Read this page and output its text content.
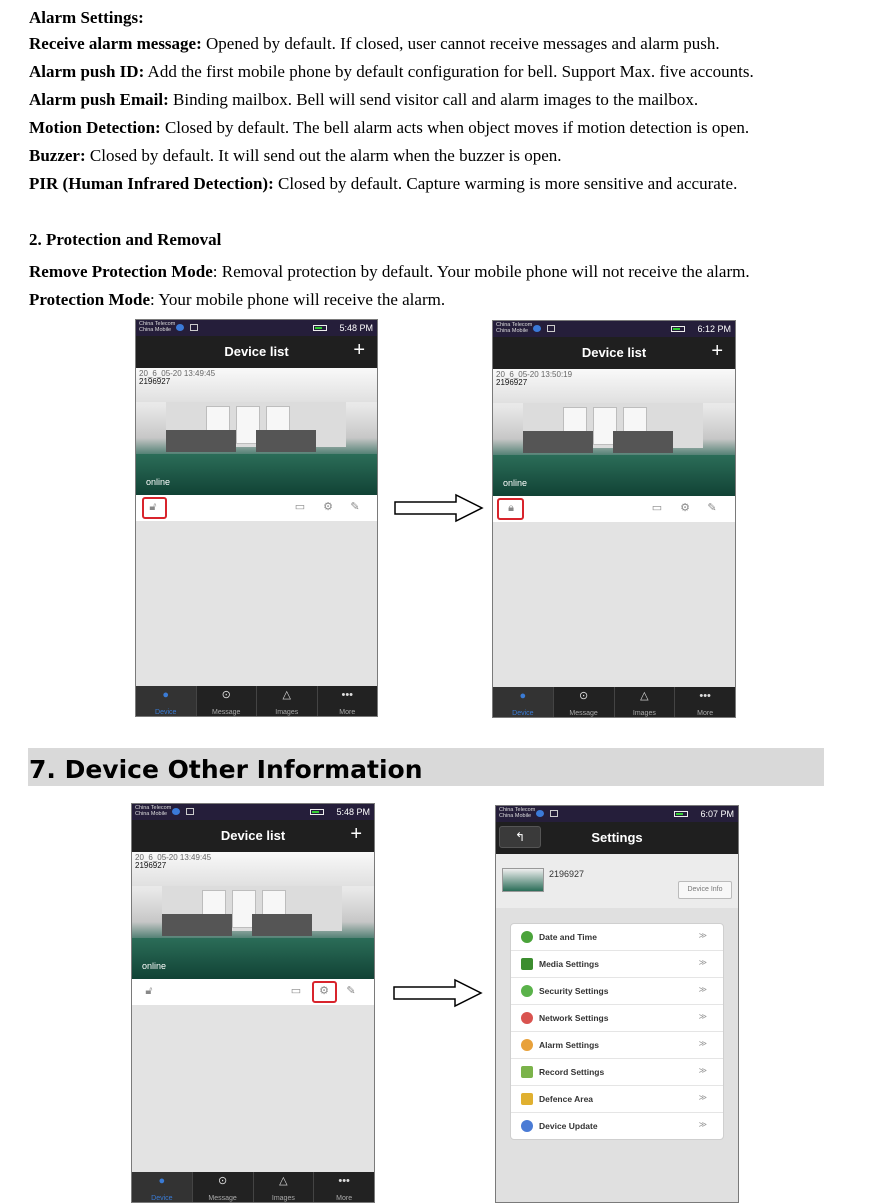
Alarm Settings:
Receive alarm message: Opened by default. If closed, user cannot receive messages and alarm push.
Alarm push ID: Add the first mobile phone by default configuration for bell. Support Max. five accounts.
Alarm push Email: Binding mailbox. Bell will send visitor call and alarm images to the mailbox.
Motion Detection: Closed by default. The bell alarm acts when object moves if motion detection is open.
Buzzer: Closed by default. It will send out the alarm when the buzzer is open.
PIR (Human Infrared Detection): Closed by default. Capture warming is more sensitive and accurate.
2. Protection and Removal
Remove Protection Mode: Removal protection by default. Your mobile phone will not receive the alarm.
Protection Mode: Your mobile phone will receive the alarm.
China Telecom
China Mobile	5:48 PM
Device list	+
20_6_05-20 13:49:45
2196927
online
🔓︎	▭ ⚙ ✎
●
Device
⊙
Message
△
Images
•••
More
China Telecom
China Mobile	6:12 PM
Device list	+
20_6_05-20 13:50:19
2196927
online
🔒︎	▭ ⚙ ✎
●
Device
⊙
Message
△
Images
•••
More
7. Device Other Information
China Telecom
China Mobile	5:48 PM
Device list	+
20_6_05-20 13:49:45
2196927
online
🔓︎	▭ ⚙ ✎
●
Device
⊙
Message
△
Images
•••
More
China Telecom
China Mobile	6:07 PM
↰	Settings
2196927
Device Info
Date and Time	≫
Media Settings	≫
Security Settings	≫
Network Settings	≫
Alarm Settings	≫
Record Settings	≫
Defence Area	≫
Device Update	≫
